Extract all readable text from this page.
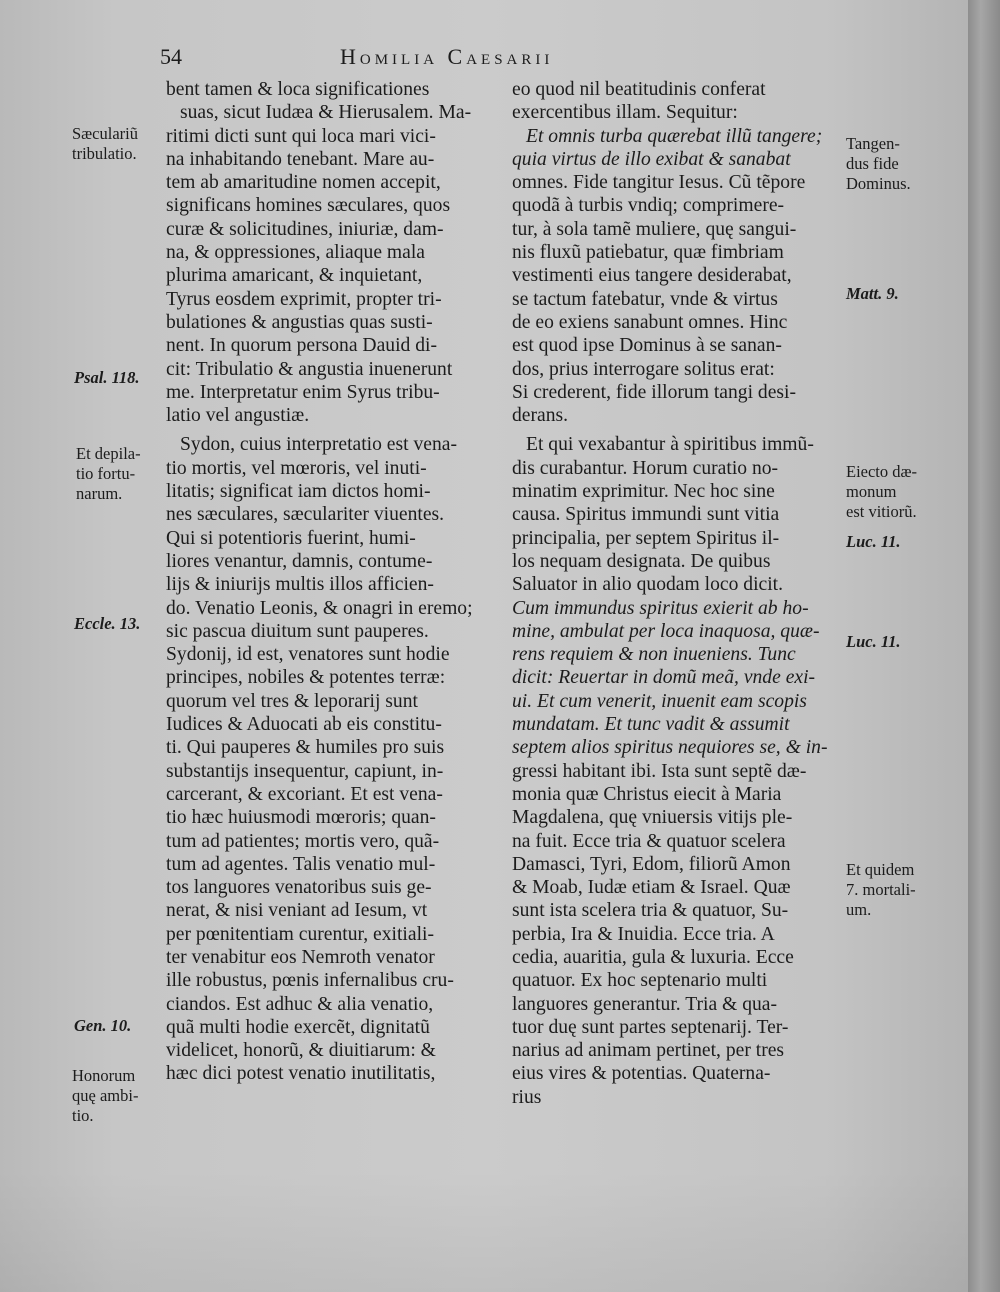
54	Homilia Caesarii
bent tamen & loca significationes
suas, sicut Iudæa & Hierusalem. Ma-
ritimi dicti sunt qui loca mari vici-
na inhabitando tenebant. Mare au-
tem ab amaritudine nomen accepit,
significans homines sæculares, quos
curæ & solicitudines, iniuriæ, dam-
na, & oppressiones, aliaque mala
plurima amaricant, & inquietant,
Tyrus eosdem exprimit, propter tri-
bulationes & angustias quas susti-
nent. In quorum persona Dauid di-
cit: Tribulatio & angustia inuenerunt
me. Interpretatur enim Syrus tribu-
latio vel angustiæ.
Sydon, cuius interpretatio est vena-
tio mortis, vel mœroris, vel inuti-
litatis; significat iam dictos homi-
nes sæculares, sæculariter viuentes.
Qui si potentioris fuerint, humi-
liores venantur, damnis, contume-
lijs & iniurijs multis illos afficien-
do. Venatio Leonis, & onagri in eremo;
sic pascua diuitum sunt pauperes.
Sydonij, id est, venatores sunt hodie
principes, nobiles & potentes terræ:
quorum vel tres & leporarij sunt
Iudices & Aduocati ab eis constitu-
ti. Qui pauperes & humiles pro suis
substantijs insequentur, capiunt, in-
carcerant, & excoriant. Et est vena-
tio hæc huiusmodi mœroris; quan-
tum ad patientes; mortis vero, quã-
tum ad agentes. Talis venatio mul-
tos languores venatoribus suis ge-
nerat, & nisi veniant ad Iesum, vt
per pœnitentiam curentur, exitiali-
ter venabitur eos Nemroth venator
ille robustus, pœnis infernalibus cru-
ciandos. Est adhuc & alia venatio,
quã multi hodie exercẽt, dignitatũ
videlicet, honorũ, & diuitiarum: &
hæc dici potest venatio inutilitatis,
eo quod nil beatitudinis conferat
exercentibus illam. Sequitur:
Et omnis turba quærebat illũ tangere;
quia virtus de illo exibat & sanabat
omnes. Fide tangitur Iesus. Cũ tẽpore
quodã à turbis vndiq; comprimere-
tur, à sola tamẽ muliere, quę sangui-
nis fluxũ patiebatur, quæ fimbriam
vestimenti eius tangere desiderabat,
se tactum fatebatur, vnde & virtus
de eo exiens sanabunt omnes. Hinc
est quod ipse Dominus à se sanan-
dos, prius interrogare solitus erat:
Si crederent, fide illorum tangi desi-
derans.
Et qui vexabantur à spiritibus immũ-
dis curabantur. Horum curatio no-
minatim exprimitur. Nec hoc sine
causa. Spiritus immundi sunt vitia
principalia, per septem Spiritus il-
los nequam designata. De quibus
Saluator in alio quodam loco dicit.
Cum immundus spiritus exierit ab ho-
mine, ambulat per loca inaquosa, quæ-
rens requiem & non inueniens. Tunc
dicit: Reuertar in domũ meã, vnde exi-
ui. Et cum venerit, inuenit eam scopis
mundatam. Et tunc vadit & assumit
septem alios spiritus nequiores se, & in-
gressi habitant ibi. Ista sunt septẽ dæ-
monia quæ Christus eiecit à Maria
Magdalena, quę vniuersis vitijs ple-
na fuit. Ecce tria & quatuor scelera
Damasci, Tyri, Edom, filiorũ Amon
& Moab, Iudæ etiam & Israel. Quæ
sunt ista scelera tria & quatuor, Su-
perbia, Ira & Inuidia. Ecce tria. A
cedia, auaritia, gula & luxuria. Ecce
quatuor. Ex hoc septenario multi
languores generantur. Tria & qua-
tuor duę sunt partes septenarij. Ter-
narius ad animam pertinet, per tres
eius vires & potentias. Quaterna-
rius
Sæculariũ
tribulatio.
Psal. 118.
Et depila-
tio fortu-
narum.
Eccle. 13.
Gen. 10.
Honorum
quę ambi-
tio.
Tangen-
dus fide
Dominus.
Matt. 9.
Eiecto dæ-
monum
est vitiorũ.
Luc. 11.
Luc. 11.
Et quidem
7. mortali-
um.
